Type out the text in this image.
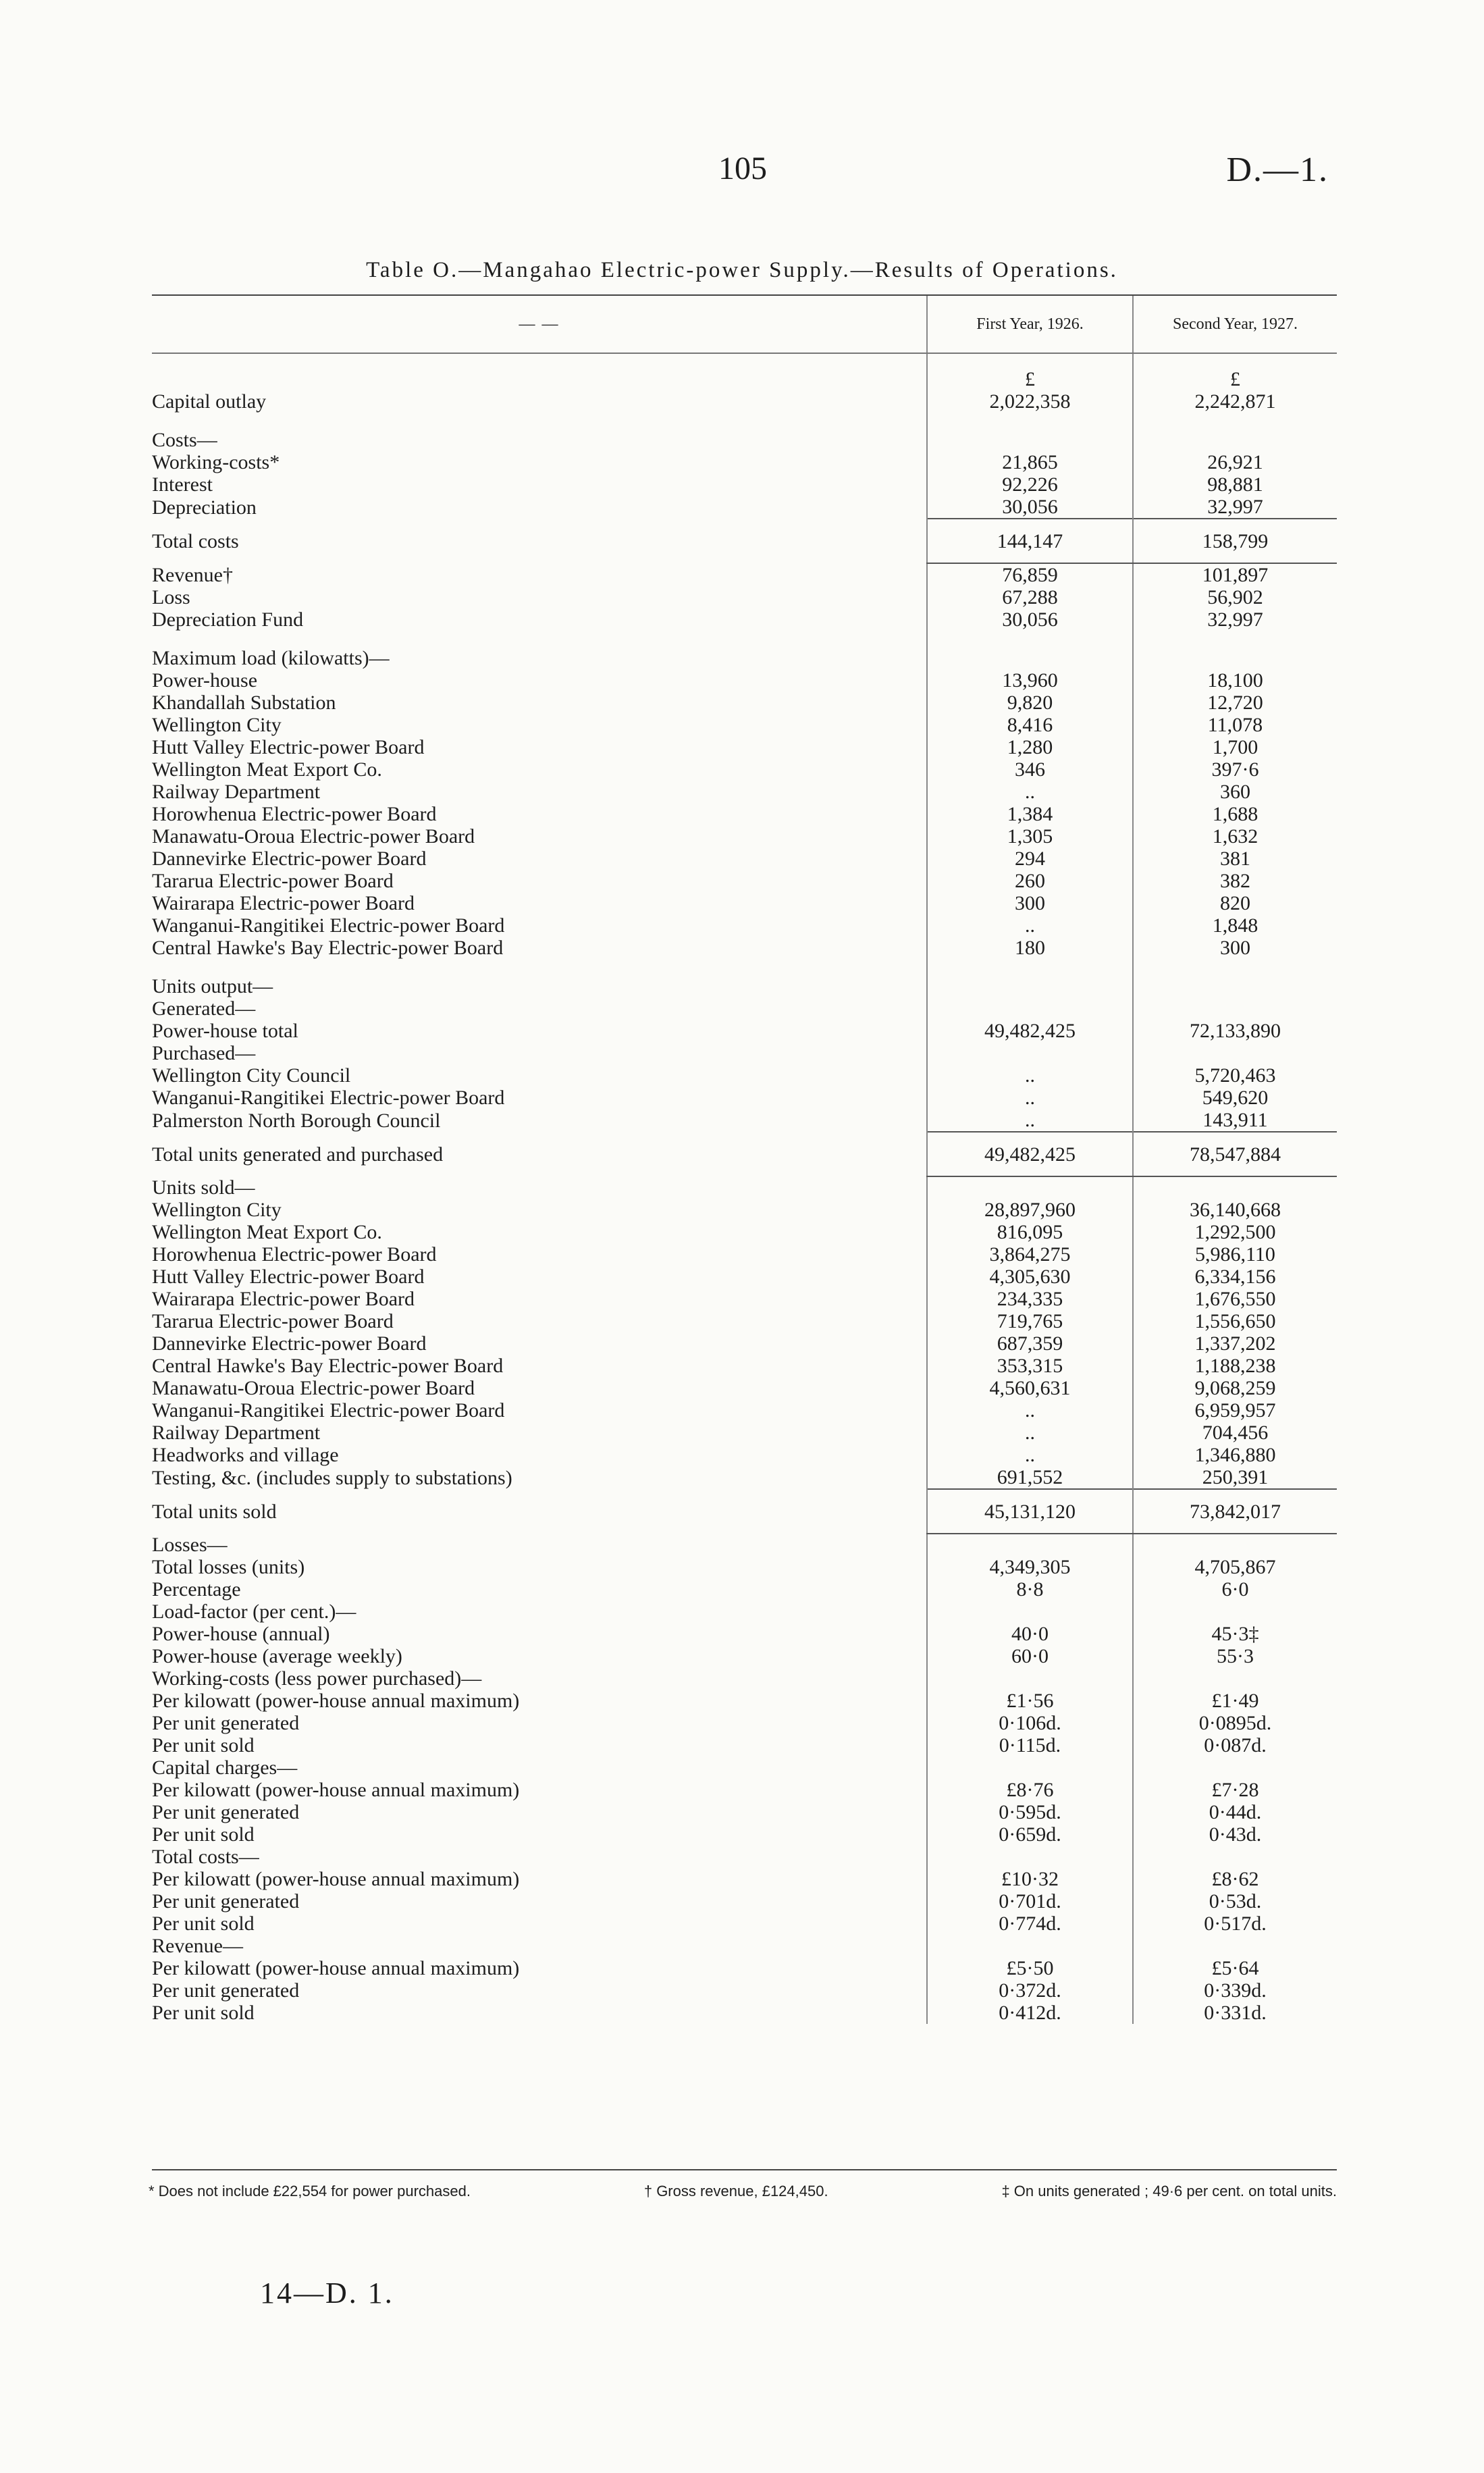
105	D.—1.
Table O.—Mangahao Electric-power Supply.—Results of Operations.
— —	First Year, 1926.	Second Year, 1927.
	£	£
Capital outlay	2,022,358	2,242,871

Costs—		
Working-costs*	21,865	26,921
Interest	92,226	98,881
Depreciation	30,056	32,997
Total costs	144,147	158,799
Revenue†	76,859	101,897
Loss	67,288	56,902
Depreciation Fund	30,056	32,997

Maximum load (kilowatts)—		
Power-house	13,960	18,100
Khandallah Substation	9,820	12,720
Wellington City	8,416	11,078
Hutt Valley Electric-power Board	1,280	1,700
Wellington Meat Export Co.	346	397·6
Railway Department	..	360
Horowhenua Electric-power Board	1,384	1,688
Manawatu-Oroua Electric-power Board	1,305	1,632
Dannevirke Electric-power Board	294	381
Tararua Electric-power Board	260	382
Wairarapa Electric-power Board	300	820
Wanganui-Rangitikei Electric-power Board	..	1,848
Central Hawke's Bay Electric-power Board	180	300

Units output—		
Generated—		
Power-house total	49,482,425	72,133,890
Purchased—		
Wellington City Council	..	5,720,463
Wanganui-Rangitikei Electric-power Board	..	549,620
Palmerston North Borough Council	..	143,911
Total units generated and purchased	49,482,425	78,547,884
Units sold—		
Wellington City	28,897,960	36,140,668
Wellington Meat Export Co.	816,095	1,292,500
Horowhenua Electric-power Board	3,864,275	5,986,110
Hutt Valley Electric-power Board	4,305,630	6,334,156
Wairarapa Electric-power Board	234,335	1,676,550
Tararua Electric-power Board	719,765	1,556,650
Dannevirke Electric-power Board	687,359	1,337,202
Central Hawke's Bay Electric-power Board	353,315	1,188,238
Manawatu-Oroua Electric-power Board	4,560,631	9,068,259
Wanganui-Rangitikei Electric-power Board	..	6,959,957
Railway Department	..	704,456
Headworks and village	..	1,346,880
Testing, &c. (includes supply to substations)	691,552	250,391
Total units sold	45,131,120	73,842,017
Losses—		
Total losses (units)	4,349,305	4,705,867
Percentage	8·8	6·0
Load-factor (per cent.)—		
Power-house (annual)	40·0	45·3‡
Power-house (average weekly)	60·0	55·3
Working-costs (less power purchased)—		
Per kilowatt (power-house annual maximum)	£1·56	£1·49
Per unit generated	0·106d.	0·0895d.
Per unit sold	0·115d.	0·087d.
Capital charges—		
Per kilowatt (power-house annual maximum)	£8·76	£7·28
Per unit generated	0·595d.	0·44d.
Per unit sold	0·659d.	0·43d.
Total costs—		
Per kilowatt (power-house annual maximum)	£10·32	£8·62
Per unit generated	0·701d.	0·53d.
Per unit sold	0·774d.	0·517d.
Revenue—		
Per kilowatt (power-house annual maximum)	£5·50	£5·64
Per unit generated	0·372d.	0·339d.
Per unit sold	0·412d.	0·331d.
* Does not include £22,554 for power purchased.	† Gross revenue, £124,450.	‡ On units generated ; 49·6 per cent. on total units.
14—D. 1.
